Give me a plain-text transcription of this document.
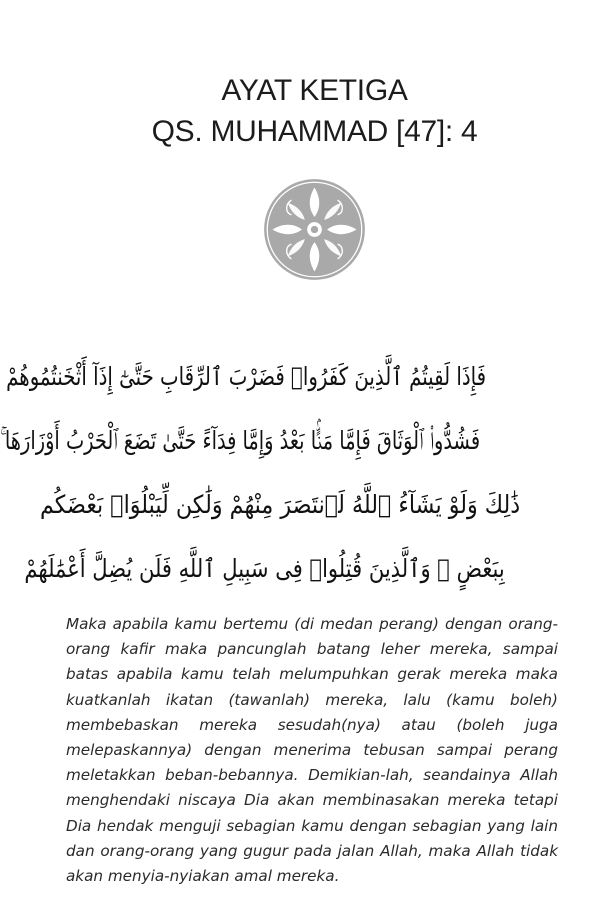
AYAT KETIGA
QS. MUHAMMAD [47]: 4
فَإِذَا لَقِيتُمُ ٱلَّذِينَ كَفَرُوا۟ فَضَرْبَ ٱلرِّقَابِ حَتَّىٰٓ إِذَآ أَثْخَنتُمُوهُمْ
فَشُدُّوا۟ ٱلْوَثَاقَ فَإِمَّا مَنًّۢا بَعْدُ وَإِمَّا فِدَآءً حَتَّىٰ تَضَعَ ٱلْحَرْبُ أَوْزَارَهَا ۚ
ذَٰلِكَ وَلَوْ يَشَآءُ ٱللَّهُ لَٱنتَصَرَ مِنْهُمْ وَلَٰكِن لِّيَبْلُوَا۟ بَعْضَكُم
بِبَعْضٍ ۗ وَٱلَّذِينَ قُتِلُوا۟ فِى سَبِيلِ ٱللَّهِ فَلَن يُضِلَّ أَعْمَٰلَهُمْ

Maka apabila kamu bertemu (di medan perang) dengan orang-orang kafir maka pancunglah batang leher mereka, sampai batas apabila kamu telah melumpuhkan gerak mereka maka kuatkanlah ikatan (tawanlah) mereka, lalu (kamu boleh) membebaskan mereka sesudah(nya) atau (boleh juga melepaskannya) dengan menerima tebusan sampai perang meletakkan beban-bebannya. Demikian-lah, seandainya Allah menghendaki niscaya Dia akan membinasakan mereka tetapi Dia hendak menguji sebagian kamu dengan sebagian yang lain dan orang-orang yang gugur pada jalan Allah, maka Allah tidak akan menyia-nyiakan amal mereka.
